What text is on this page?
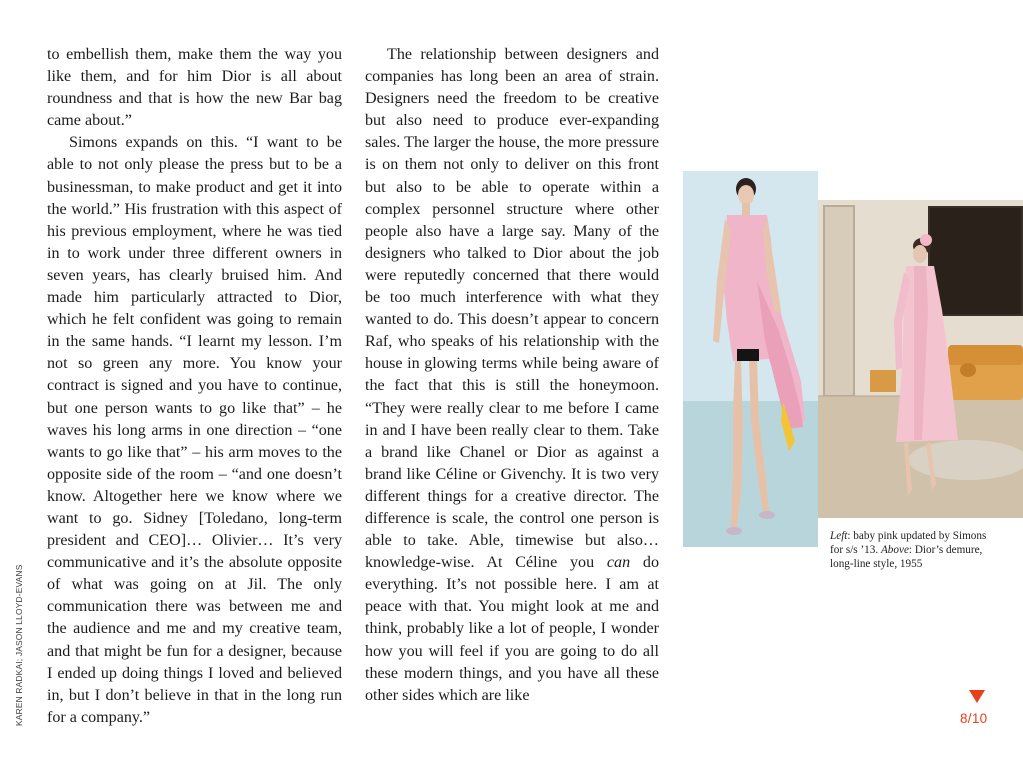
to embellish them, make them the way you like them, and for him Dior is all about roundness and that is how the new Bar bag came about.”

Simons expands on this. “I want to be able to not only please the press but to be a businessman, to make product and get it into the world.” His frustration with this aspect of his previous employment, where he was tied in to work under three different owners in seven years, has clearly bruised him. And made him particularly attracted to Dior, which he felt confident was going to remain in the same hands. “I learnt my lesson. I’m not so green any more. You know your contract is signed and you have to continue, but one person wants to go like that” – he waves his long arms in one direction – “one wants to go like that” – his arm moves to the opposite side of the room – “and one doesn’t know. Altogether here we know where we want to go. Sidney [Toledano, long-term president and CEO]… Olivier… It’s very communicative and it’s the absolute opposite of what was going on at Jil. The only communication there was between me and the audience and me and my creative team, and that might be fun for a designer, because I ended up doing things I loved and believed in, but I don’t believe in that in the long run for a company.”

The relationship between designers and companies has long been an area of strain. Designers need the freedom to be creative but also need to produce ever-expanding sales. The larger the house, the more pressure is on them not only to deliver on this front but also to be able to operate within a complex personnel structure where other people also have a large say. Many of the designers who talked to Dior about the job were reputedly concerned that there would be too much interference with what they wanted to do. This doesn’t appear to concern Raf, who speaks of his relationship with the house in glowing terms while being aware of the fact that this is still the honeymoon. “They were really clear to me before I came in and I have been really clear to them. Take a brand like Chanel or Dior as against a brand like Céline or Givenchy. It is two very different things for a creative director. The difference is scale, the control one person is able to take. Able, timewise but also… knowledge-wise. At Céline you can do everything. It’s not possible here. I am at peace with that. You might look at me and think, probably like a lot of people, I wonder how you will feel if you are going to do all these modern things, and you have all these other sides which are like

KAREN RADKAI; JASON LLOYD-EVANS
Left: baby pink updated by Simons for s/s ’13. Above: Dior’s demure, long-line style, 1955
8/10
